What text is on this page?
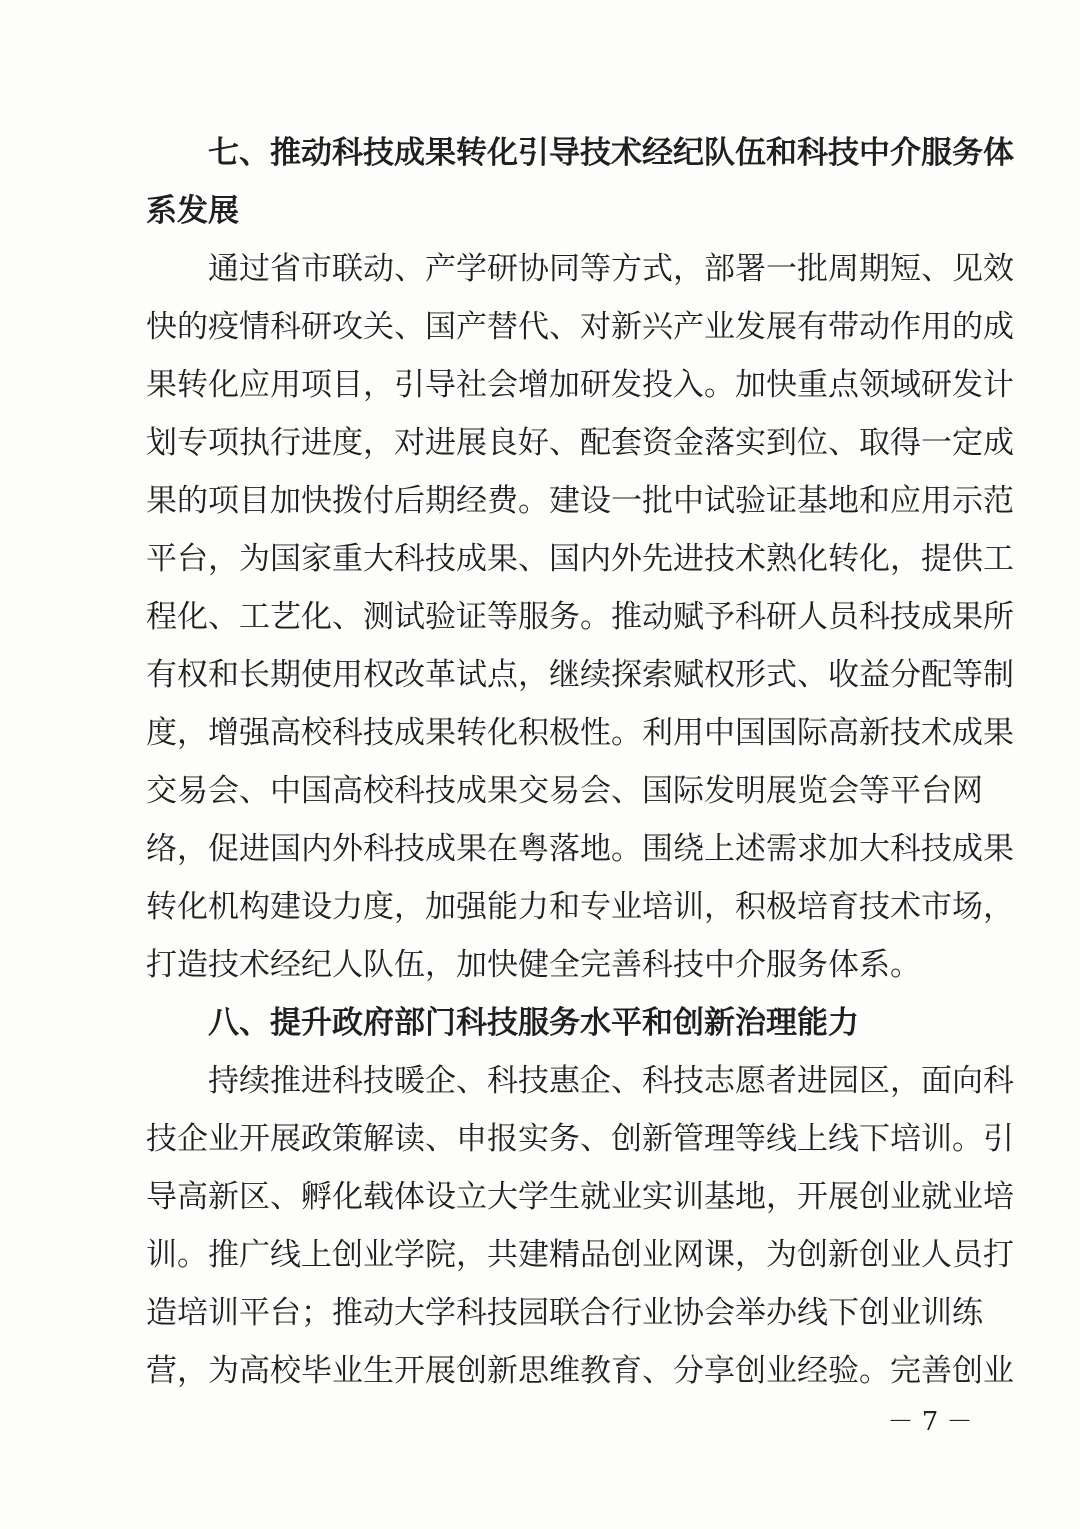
七、推动科技成果转化引导技术经纪队伍和科技中介服务体
系发展
通过省市联动、产学研协同等方式，部署一批周期短、见效
快的疫情科研攻关、国产替代、对新兴产业发展有带动作用的成
果转化应用项目，引导社会增加研发投入。加快重点领域研发计
划专项执行进度，对进展良好、配套资金落实到位、取得一定成
果的项目加快拨付后期经费。建设一批中试验证基地和应用示范
平台，为国家重大科技成果、国内外先进技术熟化转化，提供工
程化、工艺化、测试验证等服务。推动赋予科研人员科技成果所
有权和长期使用权改革试点，继续探索赋权形式、收益分配等制
度，增强高校科技成果转化积极性。利用中国国际高新技术成果
交易会、中国高校科技成果交易会、国际发明展览会等平台网
络，促进国内外科技成果在粤落地。围绕上述需求加大科技成果
转化机构建设力度，加强能力和专业培训，积极培育技术市场，
打造技术经纪人队伍，加快健全完善科技中介服务体系。
八、提升政府部门科技服务水平和创新治理能力
持续推进科技暖企、科技惠企、科技志愿者进园区，面向科
技企业开展政策解读、申报实务、创新管理等线上线下培训。引
导高新区、孵化载体设立大学生就业实训基地，开展创业就业培
训。推广线上创业学院，共建精品创业网课，为创新创业人员打
造培训平台；推动大学科技园联合行业协会举办线下创业训练
营，为高校毕业生开展创新思维教育、分享创业经验。完善创业
－ 7 －
